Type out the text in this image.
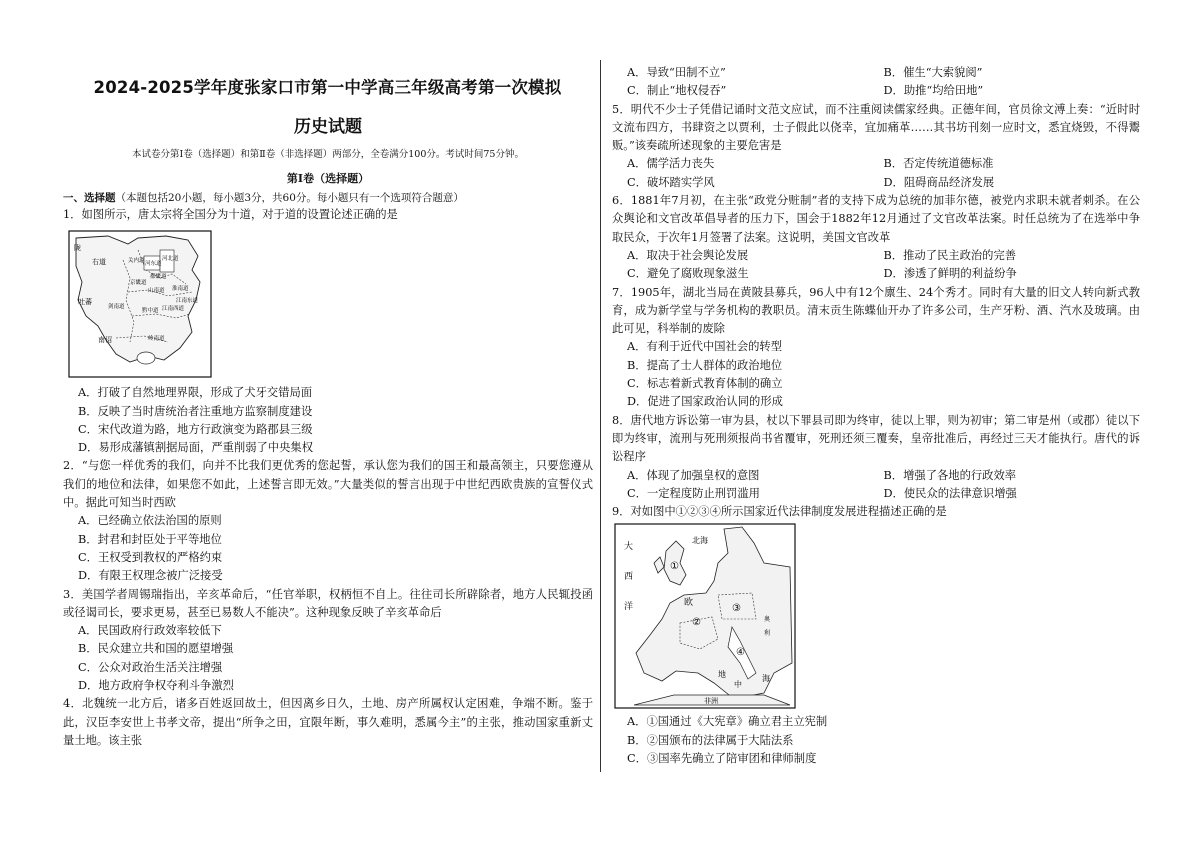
2024-2025学年度张家口市第一中学高三年级高考第一次模拟
历史试题
本试卷分第Ⅰ卷（选择题）和第Ⅱ卷（非选择题）两部分，全卷满分100分。考试时间75分钟。
第Ⅰ卷（选择题）
一、选择题（本题包括20小题，每小题3分，共60分。每小题只有一个选项符合题意）
1．如图所示，唐太宗将全国分为十道，对于道的设置论述正确的是
陇
右道	关内道	河北道
河东道
都畿道
京畿道
山南道 淮南道
剑南道
黔中道 江南西道
江南东道
吐蕃
岭南道
南诏
A．打破了自然地理界限，形成了犬牙交错局面
B．反映了当时唐统治者注重地方监察制度建设
C．宋代改道为路，地方行政演变为路郡县三级
D．易形成藩镇割据局面，严重削弱了中央集权
2．“与您一样优秀的我们，向并不比我们更优秀的您起誓，承认您为我们的国王和最高领主，只要您遵从我们的地位和法律，如果您不如此，上述誓言即无效。”大量类似的誓言出现于中世纪西欧贵族的宣誓仪式中。据此可知当时西欧
A．已经确立依法治国的原则
B．封君和封臣处于平等地位
C．王权受到教权的严格约束
D．有限王权理念被广泛接受
3．美国学者周锡瑞指出，辛亥革命后，“任官举职，权柄恒不自上。往往司长所辟除者，地方人民辄投函或径谒司长，要求更易，甚至已易数人不能决”。这种现象反映了辛亥革命后
A．民国政府行政效率较低下
B．民众建立共和国的愿望增强
C．公众对政治生活关注增强
D．地方政府争权夺利斗争激烈
4．北魏统一北方后，诸多百姓返回故土，但因离乡日久，土地、房产所属权认定困难，争端不断。鉴于此，汉臣李安世上书孝文帝，提出“所争之田，宜限年断，事久难明，悉属今主”的主张，推动国家重新丈量土地。该主张
A．导致“田制不立”	B．催生“大索貌阅”
C．制止“地权侵吞”	D．助推“均给田地”
5．明代不少士子凭借记诵时文范文应试，而不注重阅读儒家经典。正德年间，官员徐文溥上奏：“近时时文流布四方，书肆资之以贾利，士子假此以侥幸，宜加痛革……其书坊刊刻一应时文，悉宜烧毁，不得鬻贩。”该奏疏所述现象的主要危害是
A．儒学活力丧失	B．否定传统道德标准
C．破坏踏实学风	D．阻碍商品经济发展
6．1881年7月初，在主张“政党分赃制”者的支持下成为总统的加菲尔德，被党内求职未就者刺杀。在公众舆论和文官改革倡导者的压力下，国会于1882年12月通过了文官改革法案。时任总统为了在选举中争取民众，于次年1月签署了法案。这说明，美国文官改革
A．取决于社会舆论发展	B．推动了民主政治的完善
C．避免了腐败现象滋生	D．渗透了鲜明的利益纷争
7．1905年，湖北当局在黄陂县募兵，96人中有12个廪生、24个秀才。同时有大量的旧文人转向新式教育，成为新学堂与学务机构的教职员。清末贡生陈蝶仙开办了许多公司，生产牙粉、酒、汽水及玻璃。由此可见，科举制的废除
A．有利于近代中国社会的转型
B．提高了士人群体的政治地位
C．标志着新式教育体制的确立
D．促进了国家政治认同的形成
8．唐代地方诉讼第一审为县，杖以下罪县司即为终审，徒以上罪，则为初审；第二审是州（或郡）徒以下即为终审，流刑与死刑须报尚书省覆审，死刑还须三覆奏，皇帝批准后，再经过三天才能执行。唐代的诉讼程序
A．体现了加强皇权的意图	B．增强了各地的行政效率
C．一定程度防止刑罚滥用	D．使民众的法律意识增强
9．对如图中①②③④所示国家近代法律制度发展进程描述正确的是
大
西
洋
北海
①
②
③
④
欧
奥
利
地
中
非洲
海
A．①国通过《大宪章》确立君主立宪制
B．②国颁布的法律属于大陆法系
C．③国率先确立了陪审团和律师制度
